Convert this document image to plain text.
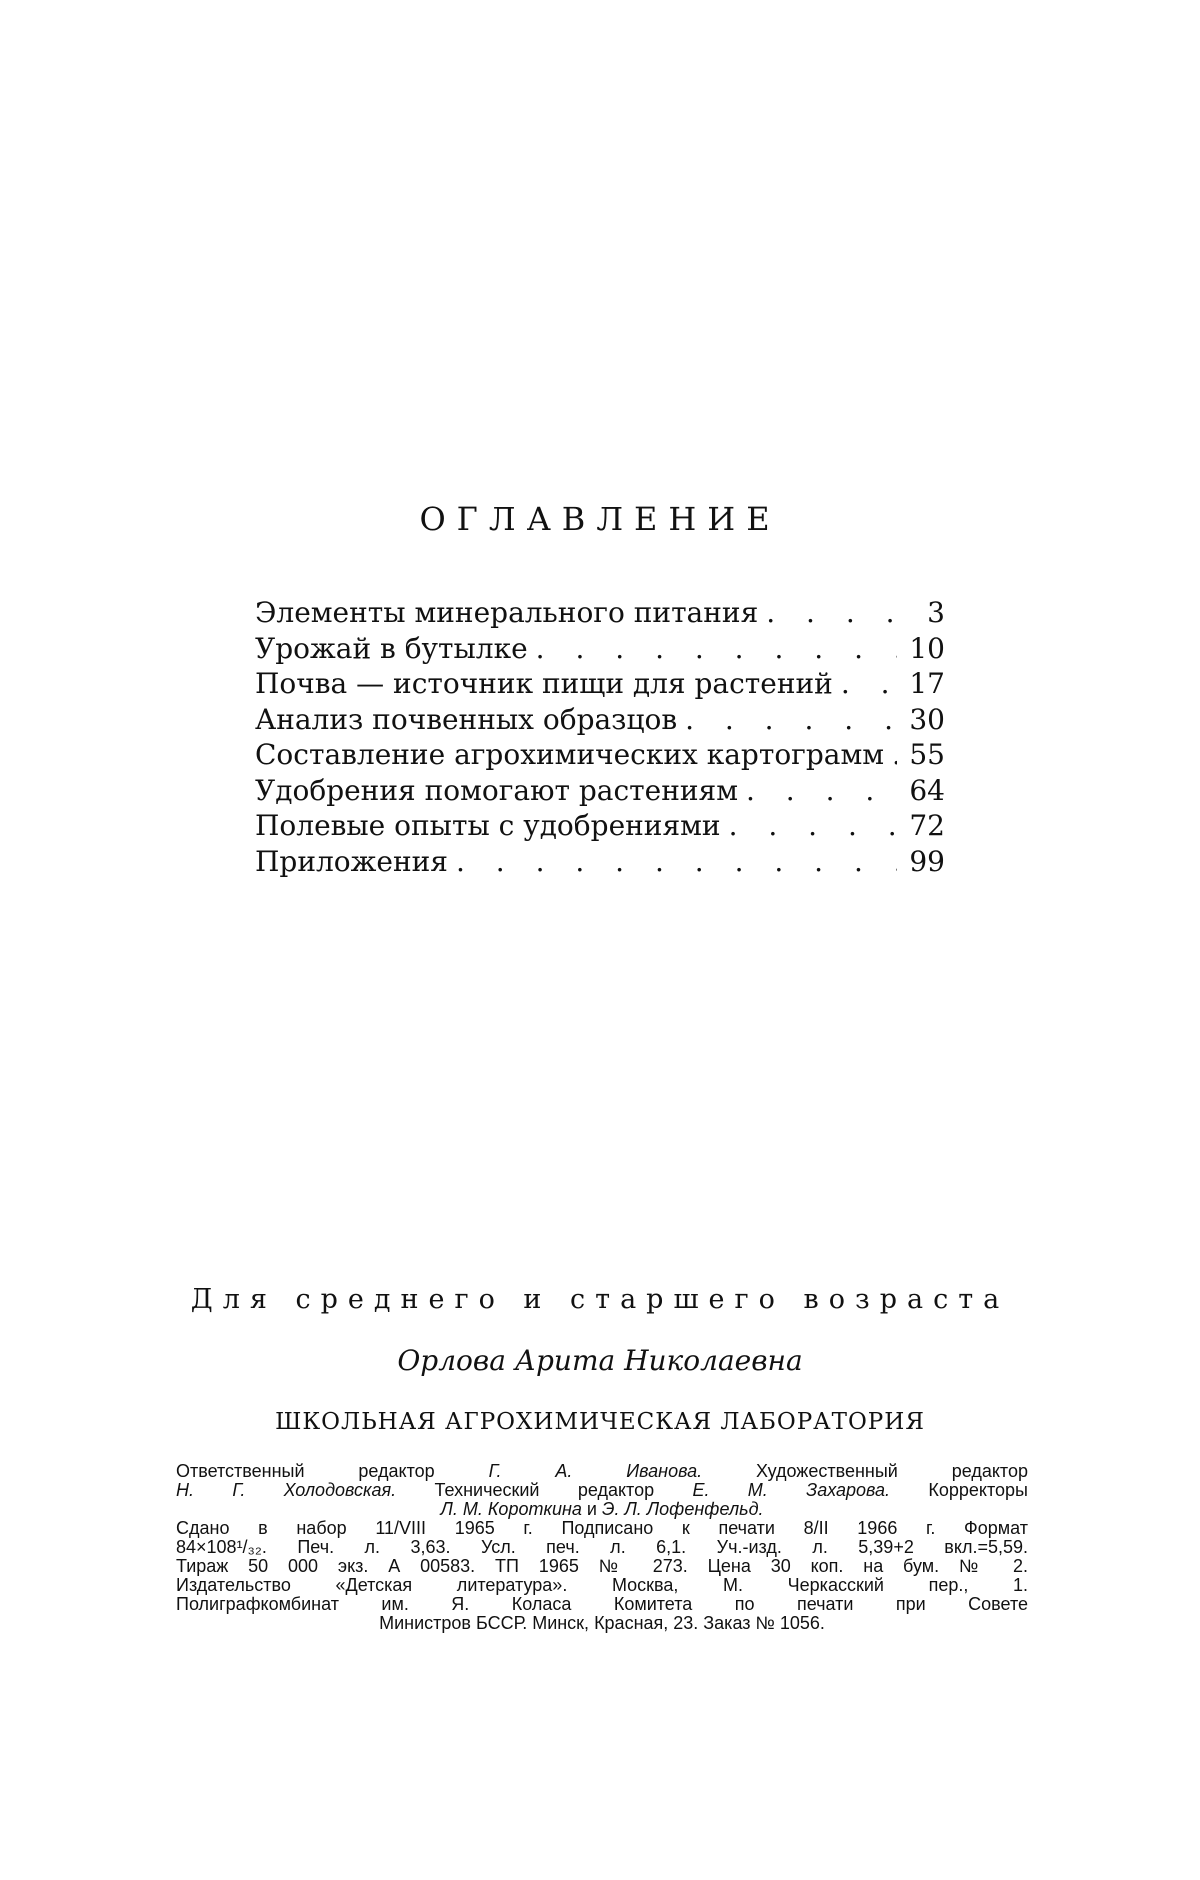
ОГЛАВЛЕНИЕ
Элементы минерального питания . . .	3
Урожай в бутылке . . .	10
Почва — источник пищи для растений . . .	17
Анализ почвенных образцов . . .	30
Составление агрохимических картограмм . . . 55
Удобрения помогают растениям . . .	64
Полевые опыты с удобрениями . . .	72
Приложения . . .	99
Для среднего и старшего возраста
Орлова Арита Николаевна
ШКОЛЬНАЯ АГРОХИМИЧЕСКАЯ ЛАБОРАТОРИЯ
Ответственный редактор Г. А. Иванова. Художественный редактор
Н. Г. Холодовская. Технический редактор Е. М. Захарова. Корректоры
Л. М. Короткина и Э. Л. Лофенфельд.
Сдано в набор 11/VIII 1965 г. Подписано к печати 8/II 1966 г. Формат
84×108¹/₃₂. Печ. л. 3,63. Усл. печ. л. 6,1. Уч.-изд. л. 5,39+2 вкл.=5,59.
Тираж 50 000 экз. А 00583. ТП 1965 № 273. Цена 30 коп. на бум. № 2.
Издательство «Детская литература». Москва, М. Черкасский пер., 1.
Полиграфкомбинат им. Я. Коласа Комитета по печати при Совете
Министров БССР. Минск, Красная, 23. Заказ № 1056.
